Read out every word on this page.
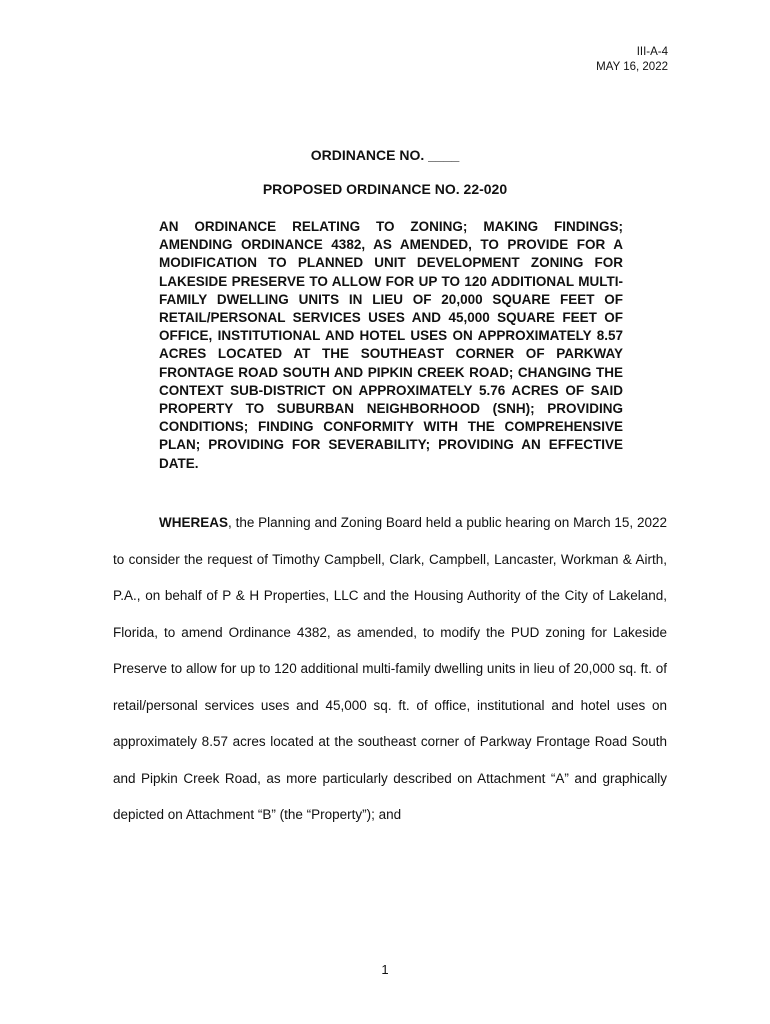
III-A-4
MAY 16, 2022
ORDINANCE NO. ____
PROPOSED ORDINANCE NO. 22-020

AN ORDINANCE RELATING TO ZONING; MAKING FINDINGS; AMENDING ORDINANCE 4382, AS AMENDED, TO PROVIDE FOR A MODIFICATION TO PLANNED UNIT DEVELOPMENT ZONING FOR LAKESIDE PRESERVE TO ALLOW FOR UP TO 120 ADDITIONAL MULTI-FAMILY DWELLING UNITS IN LIEU OF 20,000 SQUARE FEET OF RETAIL/PERSONAL SERVICES USES AND 45,000 SQUARE FEET OF OFFICE, INSTITUTIONAL AND HOTEL USES ON APPROXIMATELY 8.57 ACRES LOCATED AT THE SOUTHEAST CORNER OF PARKWAY FRONTAGE ROAD SOUTH AND PIPKIN CREEK ROAD; CHANGING THE CONTEXT SUB-DISTRICT ON APPROXIMATELY 5.76 ACRES OF SAID PROPERTY TO SUBURBAN NEIGHBORHOOD (SNH); PROVIDING CONDITIONS; FINDING CONFORMITY WITH THE COMPREHENSIVE PLAN; PROVIDING FOR SEVERABILITY; PROVIDING AN EFFECTIVE DATE.

WHEREAS, the Planning and Zoning Board held a public hearing on March 15, 2022 to consider the request of Timothy Campbell, Clark, Campbell, Lancaster, Workman & Airth, P.A., on behalf of P & H Properties, LLC and the Housing Authority of the City of Lakeland, Florida, to amend Ordinance 4382, as amended, to modify the PUD zoning for Lakeside Preserve to allow for up to 120 additional multi-family dwelling units in lieu of 20,000 sq. ft. of retail/personal services uses and 45,000 sq. ft. of office, institutional and hotel uses on approximately 8.57 acres located at the southeast corner of Parkway Frontage Road South and Pipkin Creek Road, as more particularly described on Attachment “A” and graphically depicted on Attachment “B” (the “Property”); and

1
